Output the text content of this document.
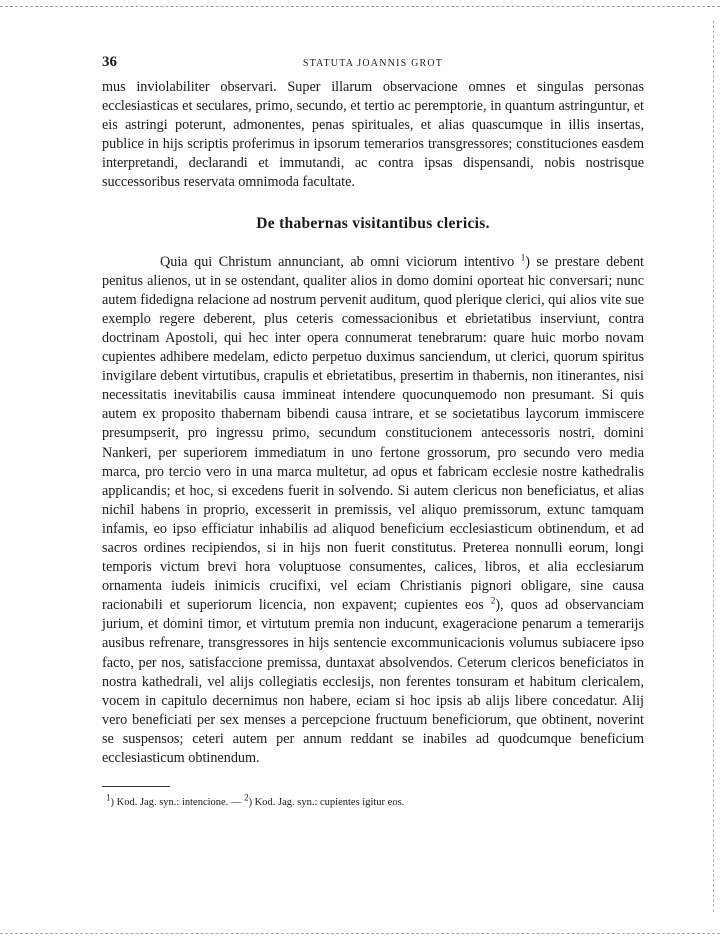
36	STATUTA JOANNIS GROT

mus inviolabiliter observari. Super illarum observacione omnes et singulas personas ecclesiasticas et seculares, primo, secundo, et tertio ac peremptorie, in quantum astringuntur, et eis astringi poterunt, admonentes, penas spirituales, et alias quascumque in illis insertas, publice in hijs scriptis proferimus in ipsorum temerarios transgressores; constituciones easdem interpretandi, declarandi et immutandi, ac contra ipsas dispensandi, nobis nostrisque successoribus reservata omnimoda facultate.

De thabernas visitantibus clericis.

Quia qui Christum annunciant, ab omni viciorum intentivo $^1$) se prestare debent penitus alienos, ut in se ostendant, qualiter alios in domo domini oporteat hic conversari; nunc autem fidedigna relacione ad nostrum pervenit auditum, quod plerique clerici, qui alios vite sue exemplo regere deberent, plus ceteris comessacionibus et ebrietatibus inserviunt, contra doctrinam Apostoli, qui hec inter opera connumerat tenebrarum: quare huic morbo novam cupientes adhibere medelam, edicto perpetuo duximus sanciendum, ut clerici, quorum spiritus invigilare debent virtutibus, crapulis et ebrietatibus, presertim in thabernis, non itinerantes, nisi necessitatis inevitabilis causa immineat intendere quocunquemodo non presumant. Si quis autem ex proposito thabernam bibendi causa intrare, et se societatibus laycorum immiscere presumpserit, pro ingressu primo, secundum constitucionem antecessoris nostri, domini Nankeri, per superiorem immediatum in uno fertone grossorum, pro secundo vero media marca, pro tercio vero in una marca multetur, ad opus et fabricam ecclesie nostre kathedralis applicandis; et hoc, si excedens fuerit in solvendo. Si autem clericus non beneficiatus, et alias nichil habens in proprio, excesserit in premissis, vel aliquo premissorum, extunc tamquam infamis, eo ipso efficiatur inhabilis ad aliquod beneficium ecclesiasticum obtinendum, et ad sacros ordines recipiendos, si in hijs non fuerit constitutus. Preterea nonnulli eorum, longi temporis victum brevi hora voluptuose consumentes, calices, libros, et alia ecclesiarum ornamenta iudeis inimicis crucifixi, vel eciam Christianis pignori obligare, sine causa racionabili et superiorum licencia, non expavent; cupientes eos $^2$), quos ad observanciam jurium, et domini timor, et virtutum premia non inducunt, exageracione penarum a temerarijs ausibus refrenare, transgressores in hijs sentencie excommunicacionis volumus subiacere ipso facto, per nos, satisfaccione premissa, duntaxat absolvendos. Ceterum clericos beneficiatos in nostra kathedrali, vel alijs collegiatis ecclesijs, non ferentes tonsuram et habitum clericalem, vocem in capitulo decernimus non habere, eciam si hoc ipsis ab alijs libere concedatur. Alij vero beneficiati per sex menses a percepcione fructuum beneficiorum, que obtinent, noverint se suspensos; ceteri autem per annum reddant se inabiles ad quodcumque beneficium ecclesiasticum obtinendum.

$^1$) Kod. Jag. syn.: intencione. — $^2$) Kod. Jag. syn.: cupientes igitur eos.
